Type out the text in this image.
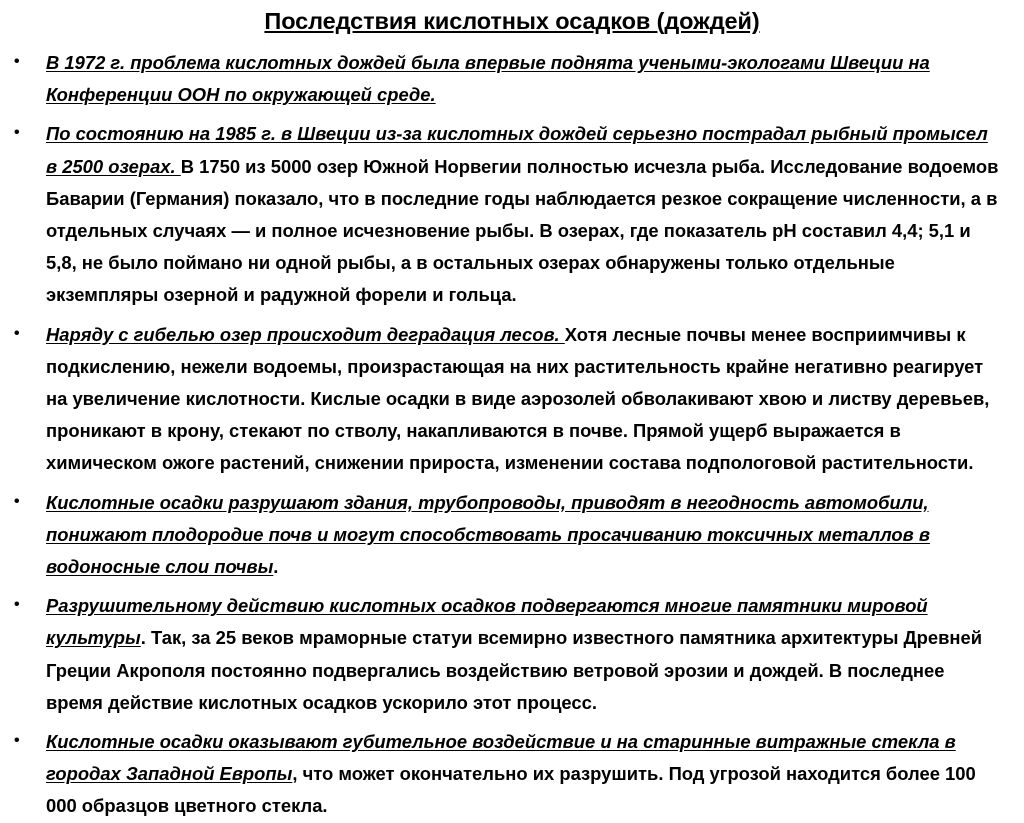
Последствия кислотных осадков (дождей)
• В 1972 г. проблема кислотных дождей была впервые поднята учеными-экологами Швеции на Конференции ООН по окружающей среде.
• По состоянию на 1985 г. в Швеции из-за кислотных дождей серьезно пострадал рыбный промысел в 2500 озерах. В 1750 из 5000 озер Южной Норвегии полностью исчезла рыба. Исследование водоемов Баварии (Германия) показало, что в последние годы наблюдается резкое сокращение численности, а в отдельных случаях — и полное исчезновение рыбы. В озерах, где показатель pH составил 4,4; 5,1 и 5,8, не было поймано ни одной рыбы, а в остальных озерах обнаружены только отдельные экземпляры озерной и радужной форели и гольца.
• Наряду с гибелью озер происходит деградация лесов. Хотя лесные почвы менее восприимчивы к подкислению, нежели водоемы, произрастающая на них растительность крайне негативно реагирует на увеличение кислотности. Кислые осадки в виде аэрозолей обволакивают хвою и листву деревьев, проникают в крону, стекают по стволу, накапливаются в почве. Прямой ущерб выражается в химическом ожоге растений, снижении прироста, изменении состава подпологовой растительности.
• Кислотные осадки разрушают здания, трубопроводы, приводят в негодность автомобили, понижают плодородие почв и могут способствовать просачиванию токсичных металлов в водоносные слои почвы.
• Разрушительному действию кислотных осадков подвергаются многие памятники мировой культуры. Так, за 25 веков мраморные статуи всемирно известного памятника архитектуры Древней Греции Акрополя постоянно подвергались воздействию ветровой эрозии и дождей. В последнее время действие кислотных осадков ускорило этот процесс.
• Кислотные осадки оказывают губительное воздействие и на старинные витражные стекла в городах Западной Европы, что может окончательно их разрушить. Под угрозой находится более 100 000 образцов цветного стекла.
